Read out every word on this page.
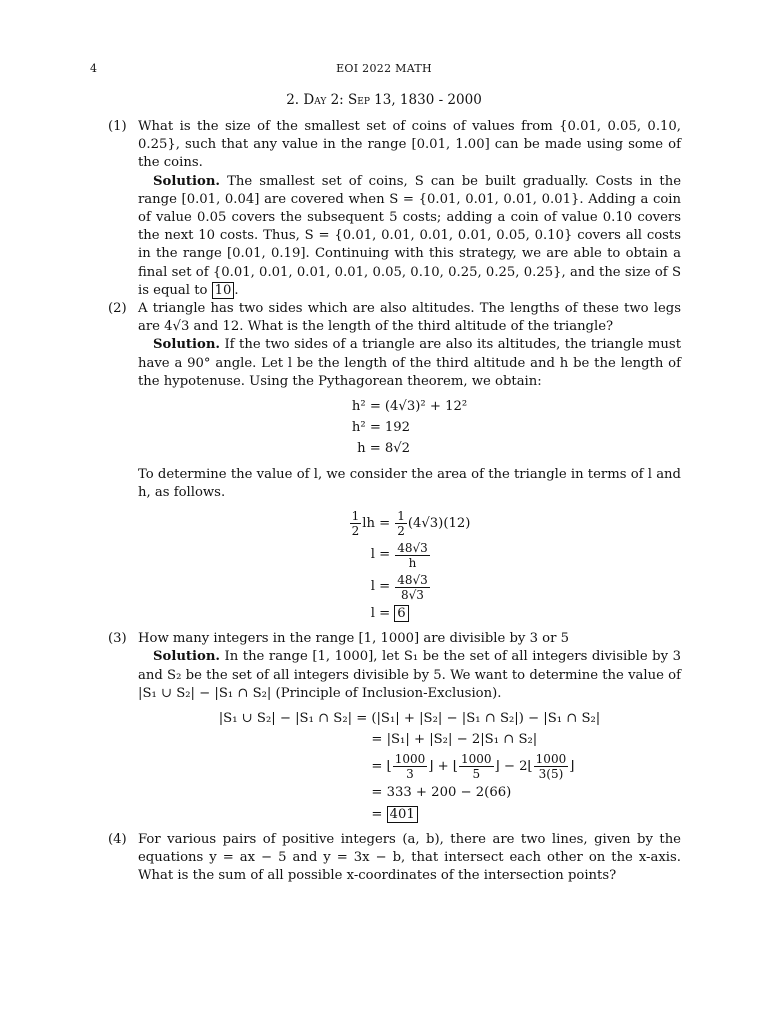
4	EOI 2022 MATH
2. Day 2: Sep 13, 1830 - 2000
(1) What is the size of the smallest set of coins of values from {0.01, 0.05, 0.10, 0.25}, such that any value in the range [0.01, 1.00] can be made using some of the coins.

Solution. The smallest set of coins, S can be built gradually. Costs in the range [0.01, 0.04] are covered when S = {0.01, 0.01, 0.01, 0.01}. Adding a coin of value 0.05 covers the subsequent 5 costs; adding a coin of value 0.10 covers the next 10 costs. Thus, S = {0.01, 0.01, 0.01, 0.01, 0.05, 0.10} covers all costs in the range [0.01, 0.19]. Continuing with this strategy, we are able to obtain a final set of {0.01, 0.01, 0.01, 0.01, 0.05, 0.10, 0.25, 0.25, 0.25}, and the size of S is equal to 10 .

(2) A triangle has two sides which are also altitudes. The lengths of these two legs are 4√3 and 12. What is the length of the third altitude of the triangle?

Solution. If the two sides of a triangle are also its altitudes, the triangle must have a 90° angle. Let l be the length of the third altitude and h be the length of the hypotenuse. Using the Pythagorean theorem, we obtain:

h² = (4√3)² + 12²
h² = 192
h = 8√2

To determine the value of l, we consider the area of the triangle in terms of l and h, as follows.

$\frac{1}{2}$ lh = $\frac{1}{2} (4√3)(12)$
$l = \frac{48√3}{h}$
$l = \frac{48√3}{8√3}$
l = 6
(3) How many integers in the range [1, 1000] are divisible by 3 or 5

Solution. In the range [1, 1000], let S₁ be the set of all integers divisible by 3 and S₂ be the set of all integers divisible by 5. We want to determine the value of |S₁ ∪ S₂| − |S₁ ∩ S₂| (Principle of Inclusion-Exclusion).

|S₁ ∪ S₂| − |S₁ ∩ S₂| = (|S₁| + |S₂| − |S₁ ∩ S₂|) − |S₁ ∩ S₂|
= |S₁| + |S₂| − 2|S₁ ∩ S₂|
= ⌊ $\frac{1000}{3}$ ⌋ + ⌊ $\frac{1000}{5}$ ⌋ − 2⌊ $\frac{1000}{3(5)}$ ⌋
= 333 + 200 − 2(66)
= 401
(4) For various pairs of positive integers (a, b), there are two lines, given by the equations y = ax − 5 and y = 3x − b, that intersect each other on the x-axis. What is the sum of all possible x-coordinates of the intersection points?
